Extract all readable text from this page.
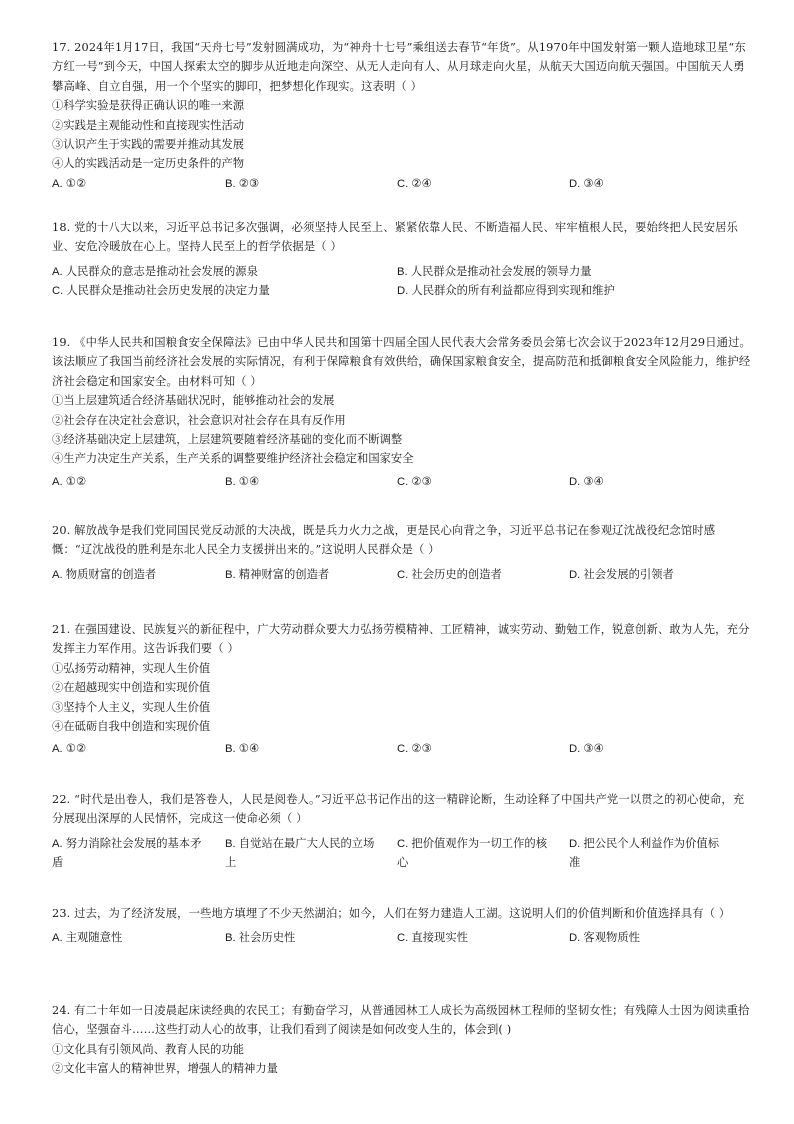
17. 2024年1月17日，我国“天舟七号”发射圆满成功，为“神舟十七号”乘组送去春节“年货”。从1970年中国发射第一颗人造地球卫星“东方红一号”到今天，中国人探索太空的脚步从近地走向深空、从无人走向有人、从月球走向火星，从航天大国迈向航天强国。中国航天人勇攀高峰、自立自强，用一个个坚实的脚印，把梦想化作现实。这表明（ ）

①科学实验是获得正确认识的唯一来源

②实践是主观能动性和直接现实性活动

③认识产生于实践的需要并推动其发展

④人的实践活动是一定历史条件的产物

A. ①②	B. ②③	C. ②④	D. ③④

18. 党的十八大以来，习近平总书记多次强调，必须坚持人民至上、紧紧依靠人民、不断造福人民、牢牢植根人民，要始终把人民安居乐业、安危冷暖放在心上。坚持人民至上的哲学依据是（ ）

A. 人民群众的意志是推动社会发展的源泉	B. 人民群众是推动社会发展的领导力量
C. 人民群众是推动社会历史发展的决定力量	D. 人民群众的所有利益都应得到实现和维护

19. 《中华人民共和国粮食安全保障法》已由中华人民共和国第十四届全国人民代表大会常务委员会第七次会议于2023年12月29日通过。该法顺应了我国当前经济社会发展的实际情况，有利于保障粮食有效供给，确保国家粮食安全，提高防范和抵御粮食安全风险能力，维护经济社会稳定和国家安全。由材料可知（ ）

①当上层建筑适合经济基础状况时，能够推动社会的发展

②社会存在决定社会意识，社会意识对社会存在具有反作用

③经济基础决定上层建筑，上层建筑要随着经济基础的变化而不断调整

④生产力决定生产关系，生产关系的调整要维护经济社会稳定和国家安全

A. ①②	B. ①④	C. ②③	D. ③④

20. 解放战争是我们党同国民党反动派的大决战，既是兵力火力之战，更是民心向背之争，习近平总书记在参观辽沈战役纪念馆时感慨：“辽沈战役的胜利是东北人民全力支援拼出来的。”这说明人民群众是（ ）

A. 物质财富的创造者	B. 精神财富的创造者	C. 社会历史的创造者	D. 社会发展的引领者

21. 在强国建设、民族复兴的新征程中，广大劳动群众要大力弘扬劳模精神、工匠精神，诚实劳动、勤勉工作，锐意创新、敢为人先，充分发挥主力军作用。这告诉我们要（ ）

①弘扬劳动精神，实现人生价值

②在超越现实中创造和实现价值

③坚持个人主义，实现人生价值

④在砥砺自我中创造和实现价值

A. ①②	B. ①④	C. ②③	D. ③④

22. “时代是出卷人，我们是答卷人，人民是阅卷人。”习近平总书记作出的这一精辟论断，生动诠释了中国共产党一以贯之的初心使命，充分展现出深厚的人民情怀，完成这一使命必须（ ）

A. 努力消除社会发展的基本矛盾
B. 自觉站在最广大人民的立场上
C. 把价值观作为一切工作的核心
D. 把公民个人利益作为价值标准

23. 过去，为了经济发展，一些地方填埋了不少天然湖泊；如今，人们在努力建造人工湖。这说明人们的价值判断和价值选择具有（ ）

A. 主观随意性	B. 社会历史性	C. 直接现实性	D. 客观物质性

24. 有二十年如一日凌晨起床读经典的农民工；有勤奋学习，从普通园林工人成长为高级园林工程师的坚韧女性；有残障人士因为阅读重拾信心，坚强奋斗……这些打动人心的故事，让我们看到了阅读是如何改变人生的，体会到( )

①文化具有引领风尚、教育人民的功能

②文化丰富人的精神世界，增强人的精神力量
